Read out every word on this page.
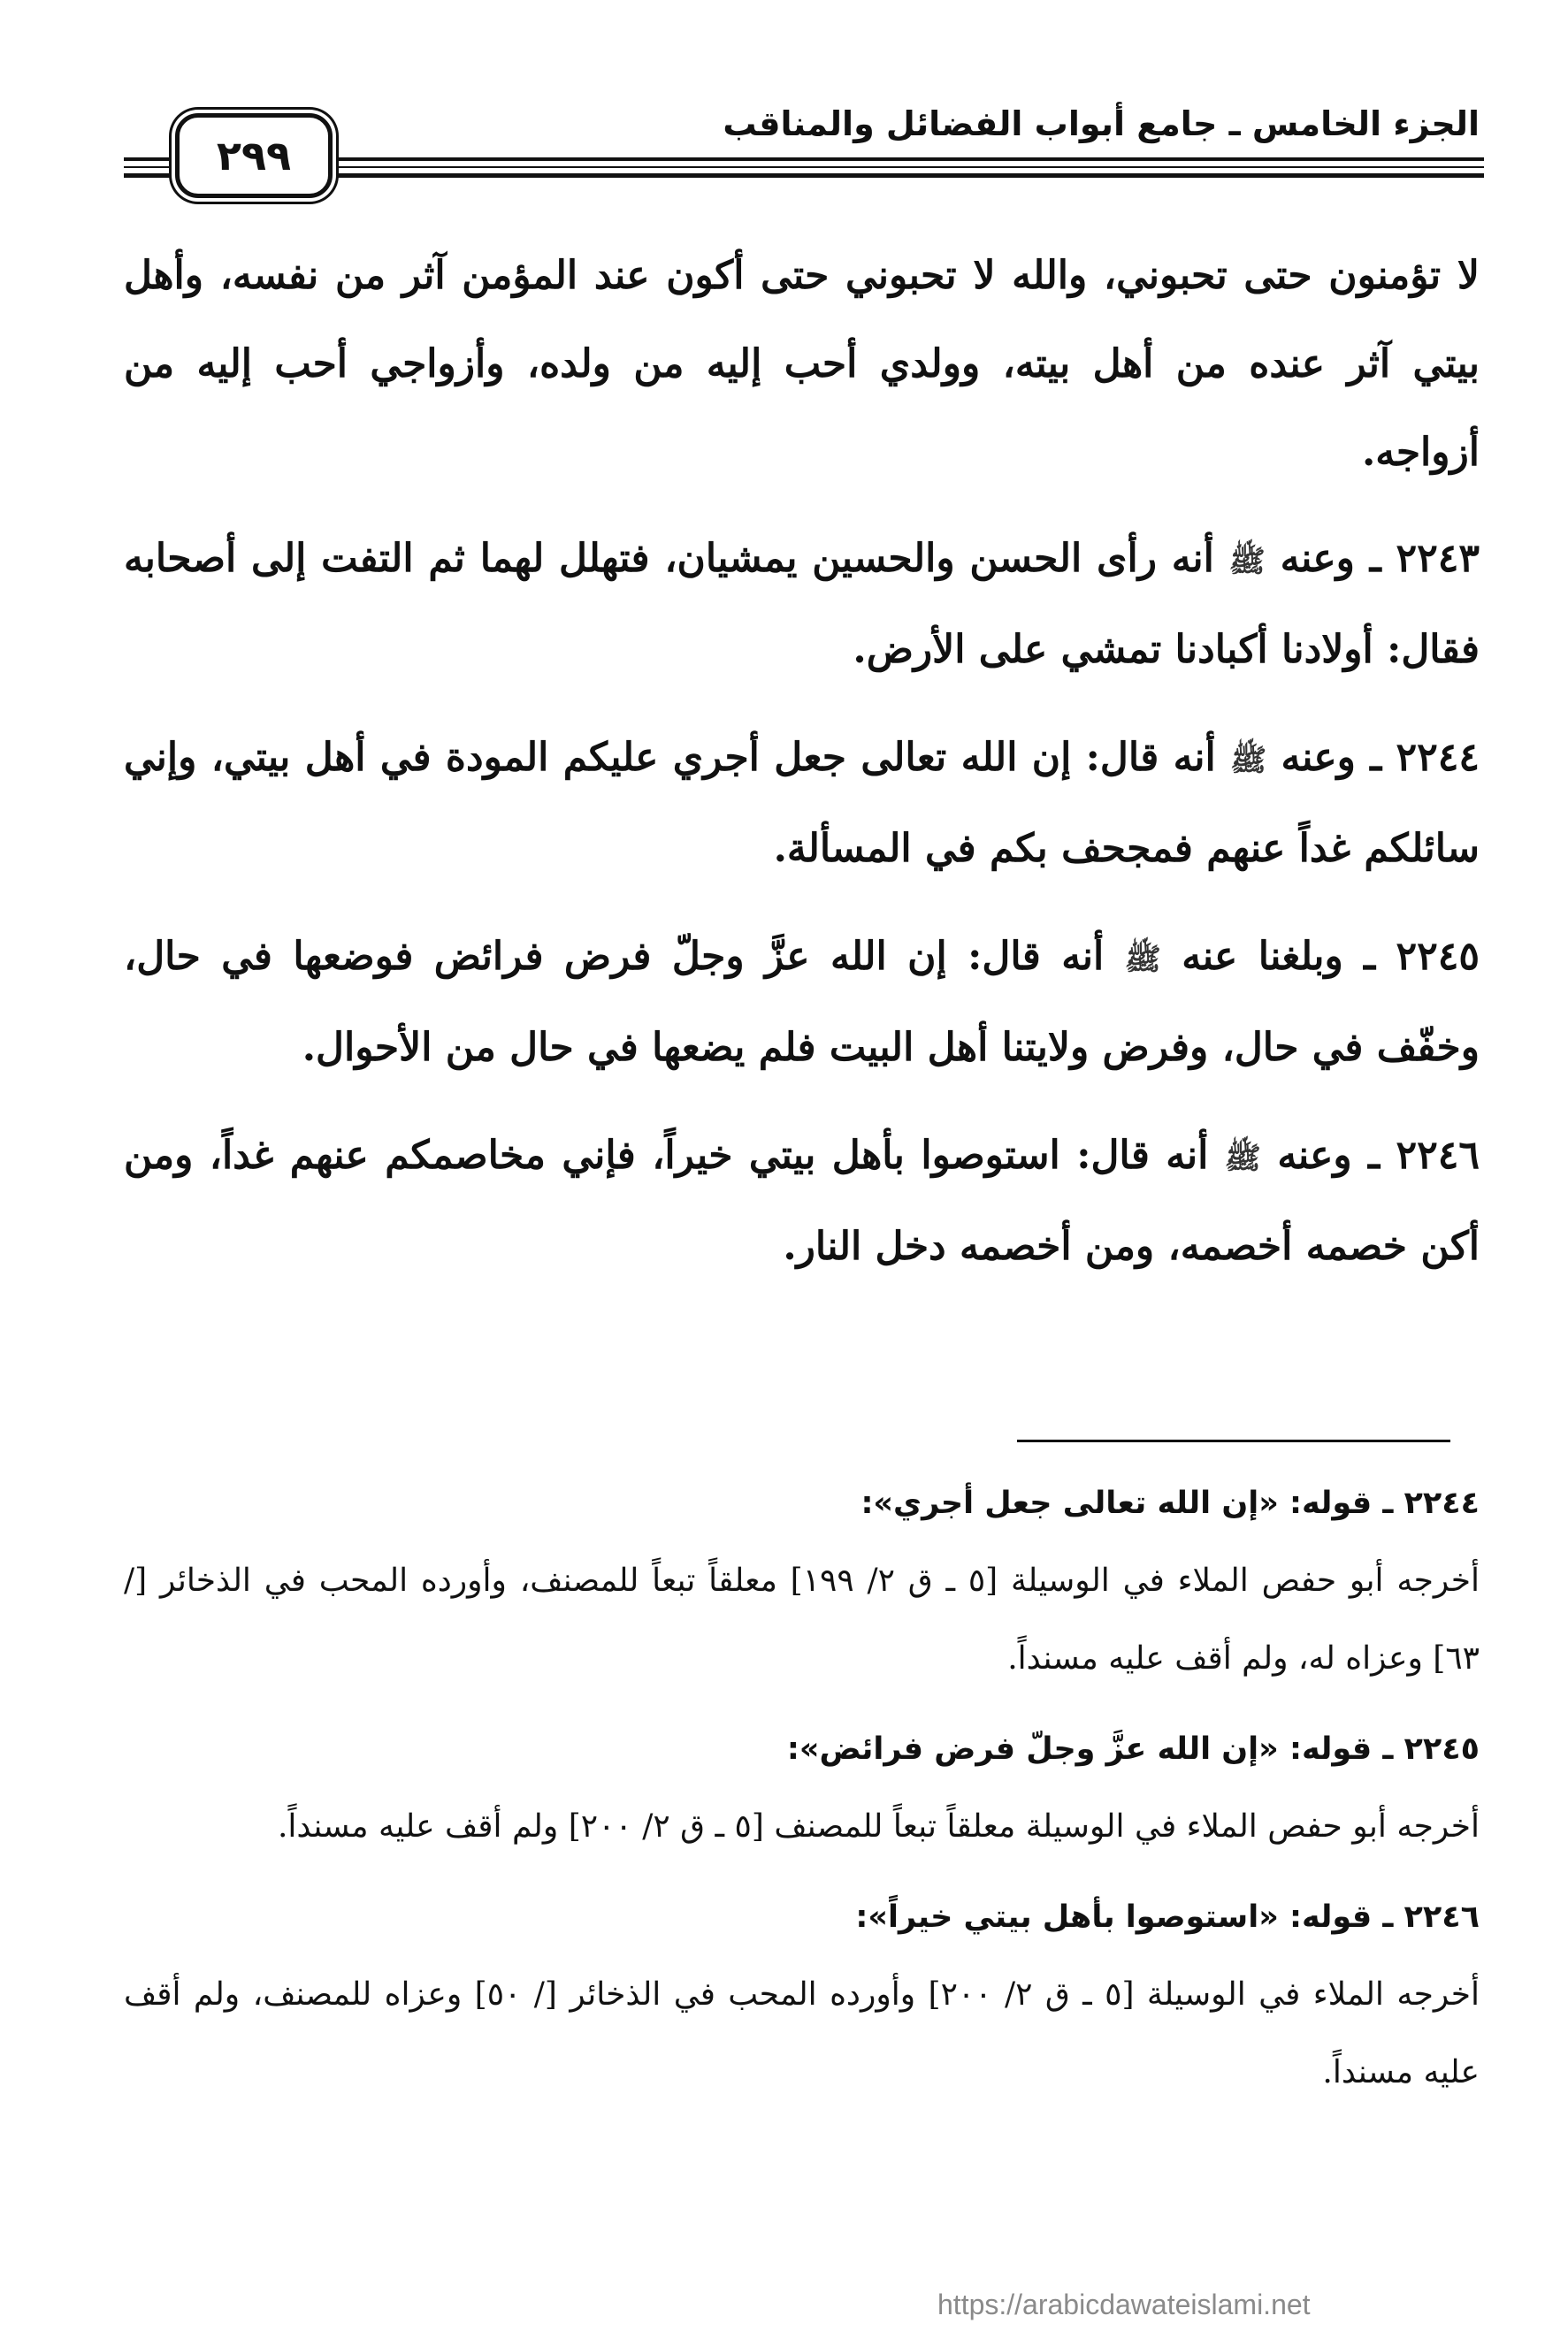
الجزء الخامس ـ جامع أبواب الفضائل والمناقب
٢٩٩

لا تؤمنون حتى تحبوني، والله لا تحبوني حتى أكون عند المؤمن آثر من نفسه، وأهل بيتي آثر عنده من أهل بيته، وولدي أحب إليه من ولده، وأزواجي أحب إليه من أزواجه.

٢٢٤٣ ـ وعنه ﷺ أنه رأى الحسن والحسين يمشيان، فتهلل لهما ثم التفت إلى أصحابه فقال: أولادنا أكبادنا تمشي على الأرض.

٢٢٤٤ ـ وعنه ﷺ أنه قال: إن الله تعالى جعل أجري عليكم المودة في أهل بيتي، وإني سائلكم غداً عنهم فمجحف بكم في المسألة.

٢٢٤٥ ـ وبلغنا عنه ﷺ أنه قال: إن الله عزَّ وجلّ فرض فرائض فوضعها في حال، وخفّف في حال، وفرض ولايتنا أهل البيت فلم يضعها في حال من الأحوال.

٢٢٤٦ ـ وعنه ﷺ أنه قال: استوصوا بأهل بيتي خيراً، فإني مخاصمكم عنهم غداً، ومن أكن خصمه أخصمه، ومن أخصمه دخل النار.

٢٢٤٤ ـ قوله: «إن الله تعالى جعل أجري»:
أخرجه أبو حفص الملاء في الوسيلة [٥ ـ ق ٢/ ١٩٩] معلقاً تبعاً للمصنف، وأورده المحب في الذخائر [/ ٦٣] وعزاه له، ولم أقف عليه مسنداً.
٢٢٤٥ ـ قوله: «إن الله عزَّ وجلّ فرض فرائض»:
أخرجه أبو حفص الملاء في الوسيلة معلقاً تبعاً للمصنف [٥ ـ ق ٢/ ٢٠٠] ولم أقف عليه مسنداً.
٢٢٤٦ ـ قوله: «استوصوا بأهل بيتي خيراً»:
أخرجه الملاء في الوسيلة [٥ ـ ق ٢/ ٢٠٠] وأورده المحب في الذخائر [/ ٥٠] وعزاه للمصنف، ولم أقف عليه مسنداً.
https://arabicdawateislami.net
